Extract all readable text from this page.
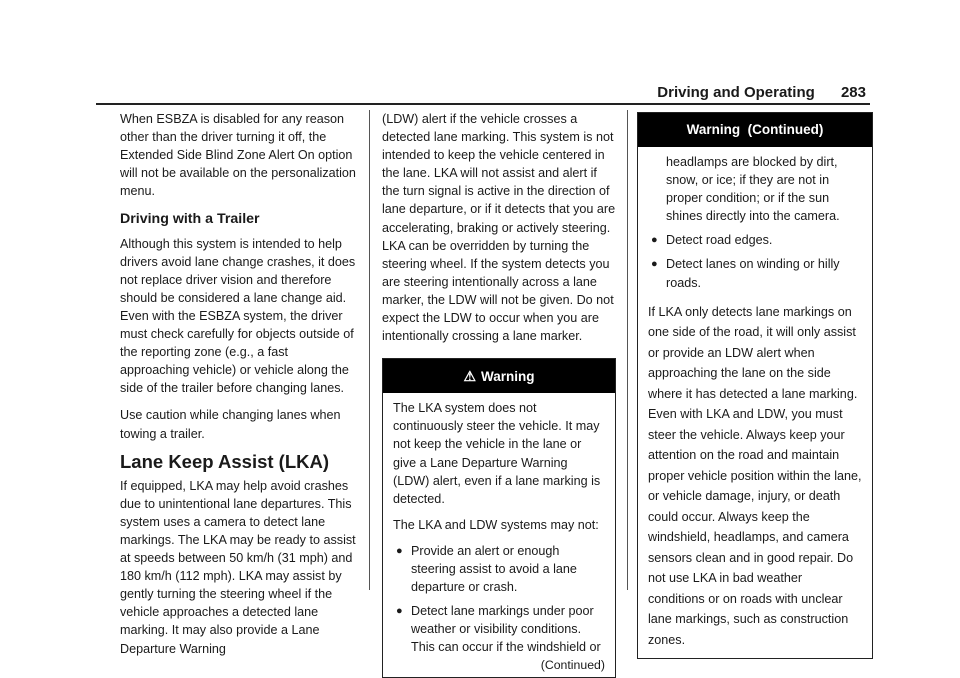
Driving and Operating 283

When ESBZA is disabled for any reason other than the driver turning it off, the Extended Side Blind Zone Alert On option will not be available on the personalization menu.

Driving with a Trailer

Although this system is intended to help drivers avoid lane change crashes, it does not replace driver vision and therefore should be considered a lane change aid. Even with the ESBZA system, the driver must check carefully for objects outside of the reporting zone (e.g., a fast approaching vehicle) or vehicle along the side of the trailer before changing lanes.

Use caution while changing lanes when towing a trailer.

Lane Keep Assist (LKA)

If equipped, LKA may help avoid crashes due to unintentional lane departures. This system uses a camera to detect lane markings. The LKA may be ready to assist at speeds between 50 km/h (31 mph) and 180 km/h (112 mph). LKA may assist by gently turning the steering wheel if the vehicle approaches a detected lane marking. It may also provide a Lane Departure Warning

(LDW) alert if the vehicle crosses a detected lane marking. This system is not intended to keep the vehicle centered in the lane. LKA will not assist and alert if the turn signal is active in the direction of lane departure, or if it detects that you are accelerating, braking or actively steering. LKA can be overridden by turning the steering wheel. If the system detects you are steering intentionally across a lane marker, the LDW will not be given. Do not expect the LDW to occur when you are intentionally crossing a lane marker.

⚠ Warning

The LKA system does not continuously steer the vehicle. It may not keep the vehicle in the lane or give a Lane Departure Warning (LDW) alert, even if a lane marking is detected.

The LKA and LDW systems may not:

● Provide an alert or enough steering assist to avoid a lane departure or crash.
● Detect lane markings under poor weather or visibility conditions. This can occur if the windshield or
(Continued)
Warning  (Continued)
headlamps are blocked by dirt, snow, or ice; if they are not in proper condition; or if the sun shines directly into the camera.
● Detect road edges.
● Detect lanes on winding or hilly roads.

If LKA only detects lane markings on one side of the road, it will only assist or provide an LDW alert when approaching the lane on the side where it has detected a lane marking. Even with LKA and LDW, you must steer the vehicle. Always keep your attention on the road and maintain proper vehicle position within the lane, or vehicle damage, injury, or death could occur. Always keep the windshield, headlamps, and camera sensors clean and in good repair. Do not use LKA in bad weather conditions or on roads with unclear lane markings, such as construction zones.
